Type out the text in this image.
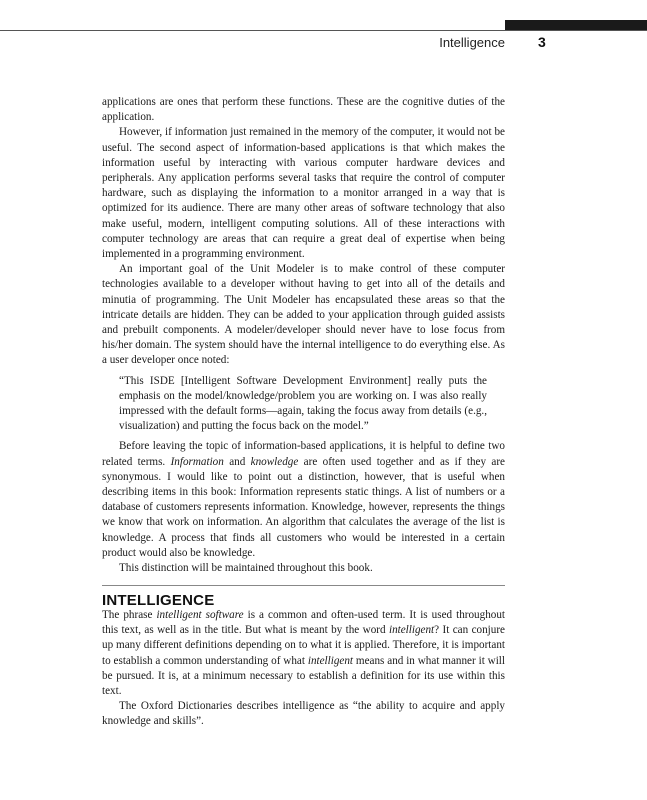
Intelligence 3

applications are ones that perform these functions. These are the cognitive duties of the application.

However, if information just remained in the memory of the computer, it would not be useful. The second aspect of information-based applications is that which makes the information useful by interacting with various computer hardware devices and peripherals. Any application performs several tasks that require the control of computer hardware, such as displaying the information to a monitor arranged in a way that is optimized for its audience. There are many other areas of software technology that also make useful, modern, intelligent computing solutions. All of these interactions with computer technology are areas that can require a great deal of expertise when being implemented in a programming environment.

An important goal of the Unit Modeler is to make control of these computer technologies available to a developer without having to get into all of the details and minutia of programming. The Unit Modeler has encapsulated these areas so that the intricate details are hidden. They can be added to your application through guided assists and prebuilt components. A modeler/developer should never have to lose focus from his/her domain. The system should have the internal intelligence to do everything else. As a user developer once noted:

“This ISDE [Intelligent Software Development Environment] really puts the emphasis on the model/knowledge/problem you are working on. I was also really impressed with the default forms—again, taking the focus away from details (e.g., visualization) and putting the focus back on the model.”

Before leaving the topic of information-based applications, it is helpful to define two related terms. Information and knowledge are often used together and as if they are synonymous. I would like to point out a distinction, however, that is useful when describing items in this book: Information represents static things. A list of numbers or a database of customers represents information. Knowledge, however, represents the things we know that work on information. An algorithm that calculates the average of the list is knowledge. A process that finds all customers who would be interested in a certain product would also be knowledge.

This distinction will be maintained throughout this book.

INTELLIGENCE

The phrase intelligent software is a common and often-used term. It is used throughout this text, as well as in the title. But what is meant by the word intelligent? It can conjure up many different definitions depending on to what it is applied. Therefore, it is important to establish a common understanding of what intelligent means and in what manner it will be pursued. It is, at a minimum necessary to establish a definition for its use within this text.

The Oxford Dictionaries describes intelligence as “the ability to acquire and apply knowledge and skills”.
